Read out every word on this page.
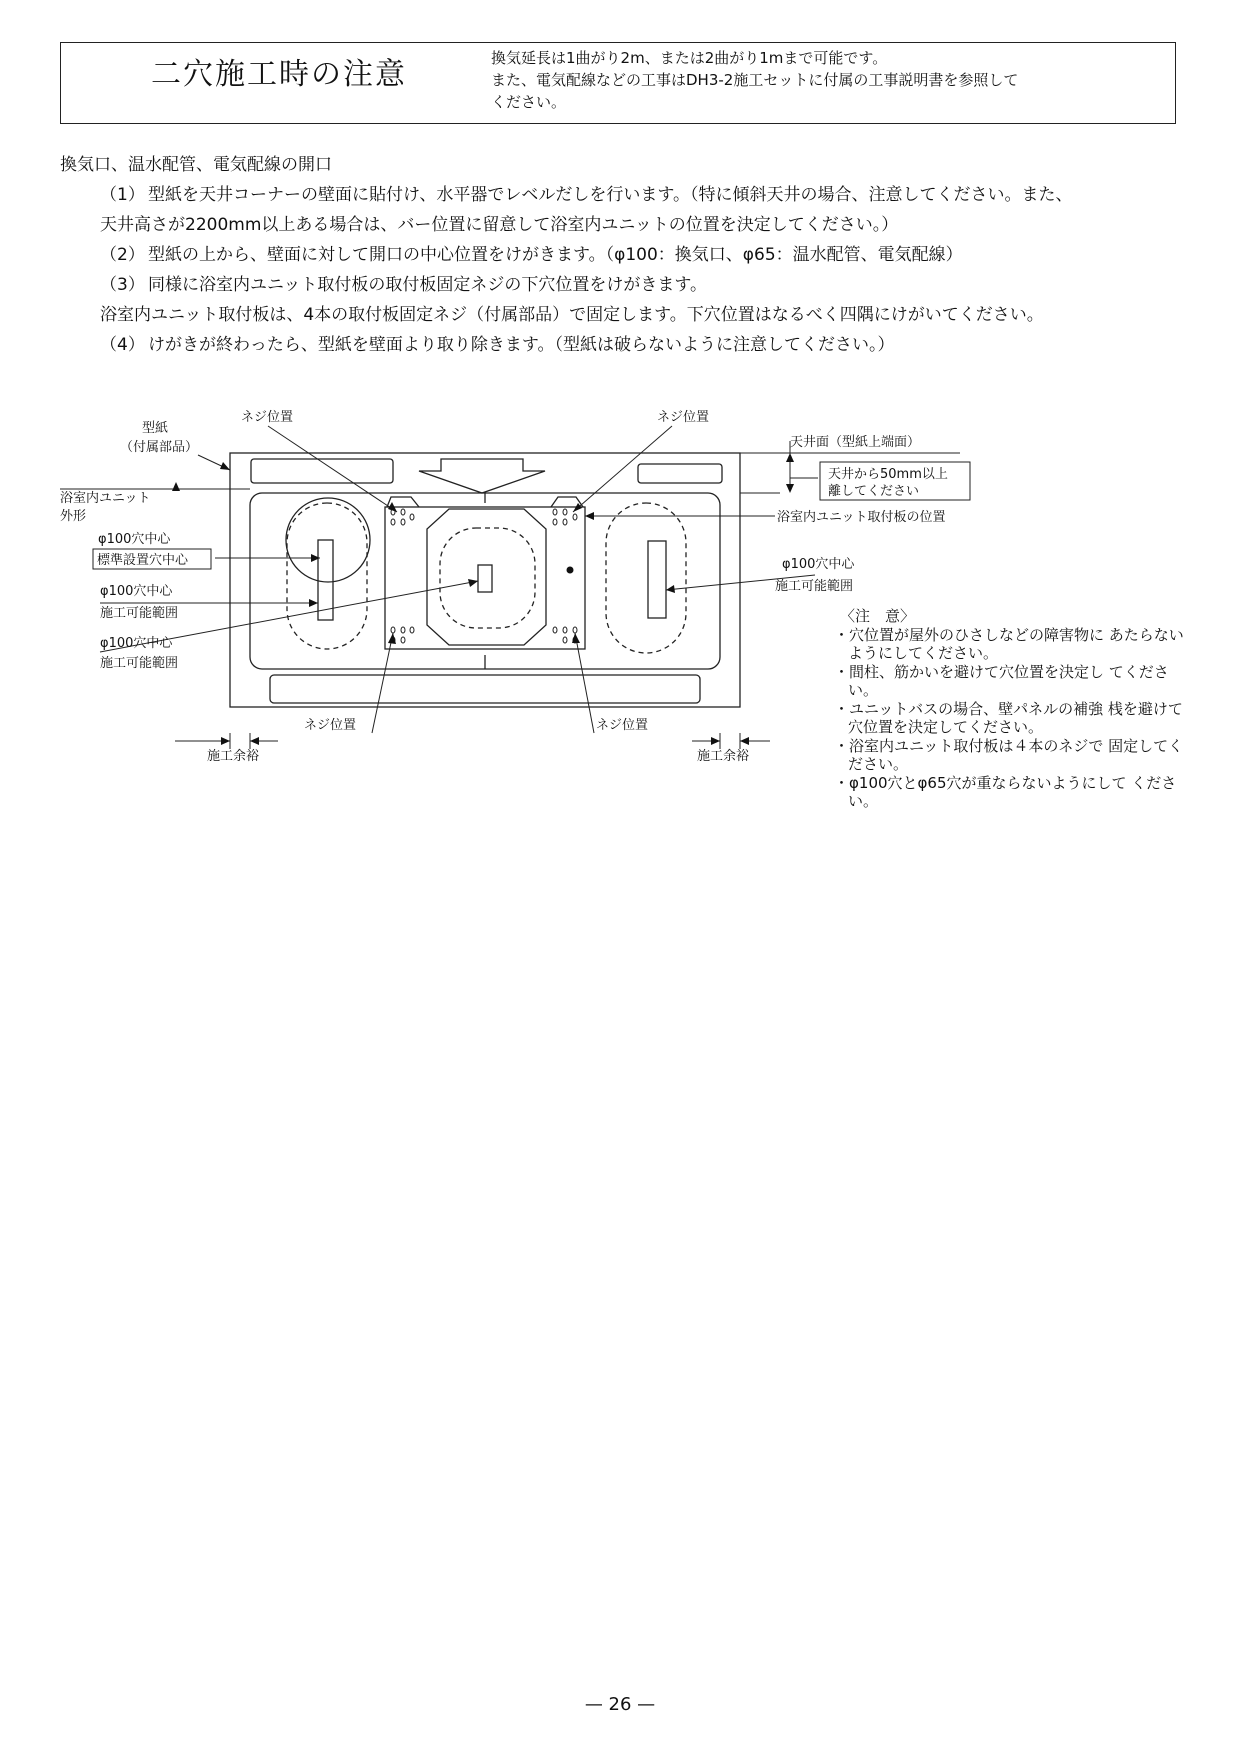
二穴施工時の注意	換気延長は1曲がり2m、または2曲がり1mまで可能です。
また、電気配線などの工事はDH3-2施工セットに付属の工事説明書を参照して
ください。
換気口、温水配管、電気配線の開口
（1） 型紙を天井コーナーの壁面に貼付け、水平器でレベルだしを行います。（特に傾斜天井の場合、注意してください。また、
天井高さが2200mm以上ある場合は、バー位置に留意して浴室内ユニットの位置を決定してください。）
（2） 型紙の上から、壁面に対して開口の中心位置をけがきます。（φ100：換気口、φ65：温水配管、電気配線）
（3） 同様に浴室内ユニット取付板の取付板固定ネジの下穴位置をけがきます。
浴室内ユニット取付板は、4本の取付板固定ネジ（付属部品）で固定します。下穴位置はなるべく四隅にけがいてください。
（4） けがきが終わったら、型紙を壁面より取り除きます。（型紙は破らないように注意してください。）
ネジ位置	ネジ位置
ネジ位置	ネジ位置
型紙
（付属部品）	天井面（型紙上端面）
天井から50mm以上
離してください
浴室内ユニット
外形
φ100穴中心
標準設置穴中心
φ100穴中心
施工可能範囲
φ100穴中心
施工可能範囲
浴室内ユニット取付板の位置
φ100穴中心
施工可能範囲
施工余裕	施工余裕
〈注　意〉
・穴位置が屋外のひさしなどの障害物に あたらないようにしてください。
・間柱、筋かいを避けて穴位置を決定し てください。
・ユニットバスの場合、壁パネルの補強 桟を避けて穴位置を決定してください。
・浴室内ユニット取付板は４本のネジで 固定してください。
・φ100穴とφ65穴が重ならないようにして ください。
— 26 —
